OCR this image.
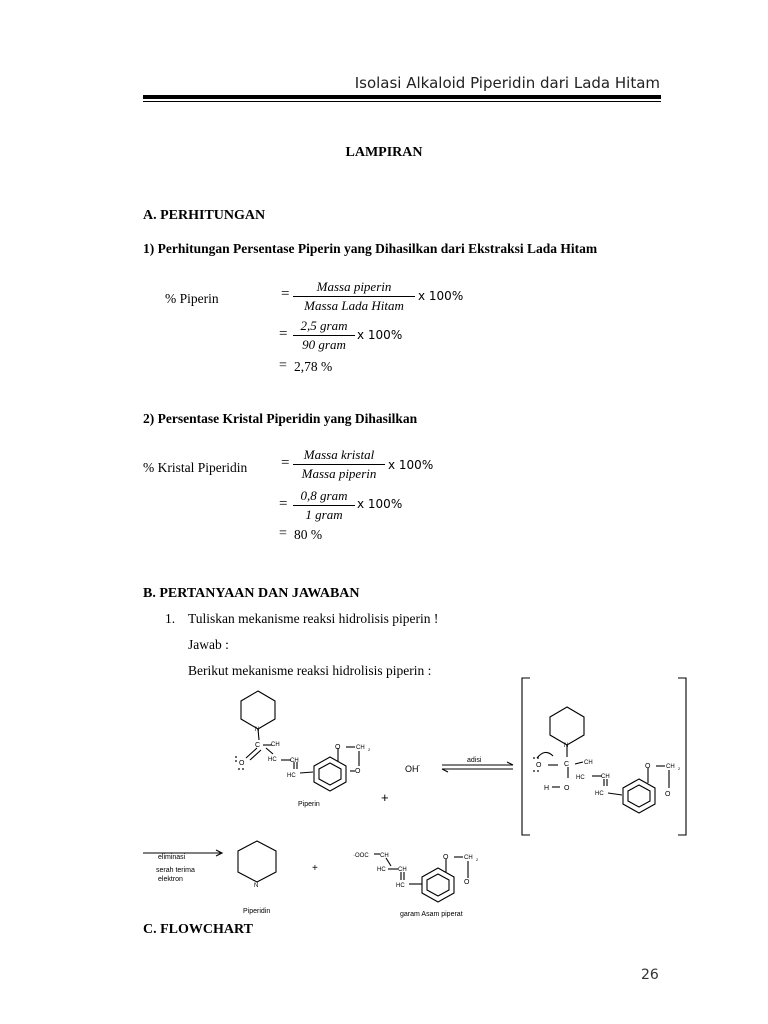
Isolasi Alkaloid Piperidin dari Lada Hitam
LAMPIRAN
A. PERHITUNGAN
1) Perhitungan Persentase Piperin yang Dihasilkan dari Ekstraksi Lada Hitam
% Piperin	=	Massa piperin
Massa Lada Hitam
x 100%
=
2,5 gram
90 gram
x 100%
= 2,78 %
2) Persentase Kristal Piperidin yang Dihasilkan
% Kristal Piperidin =
Massa kristal
Massa piperin
x 100%
=
0,8 gram
1 gram
x 100%
= 80 %
B. PERTANYAAN DAN JAWABAN
1. Tuliskan mekanisme reaksi hidrolisis piperin !
Jawab :
Berikut mekanisme reaksi hidrolisis piperin :
N
C CH
O	HC CH
HC
O	CH 2
O
Piperin	+
OH -
adisi
N
C
O	CH
HC	CH
HC
H O
O	CH 2
O
eliminasi
serah terima
elektron
N
Piperidin
+
·OOC CH
HC CH
HC
O	CH 2
O
garam Asam piperat
C. FLOWCHART
26
